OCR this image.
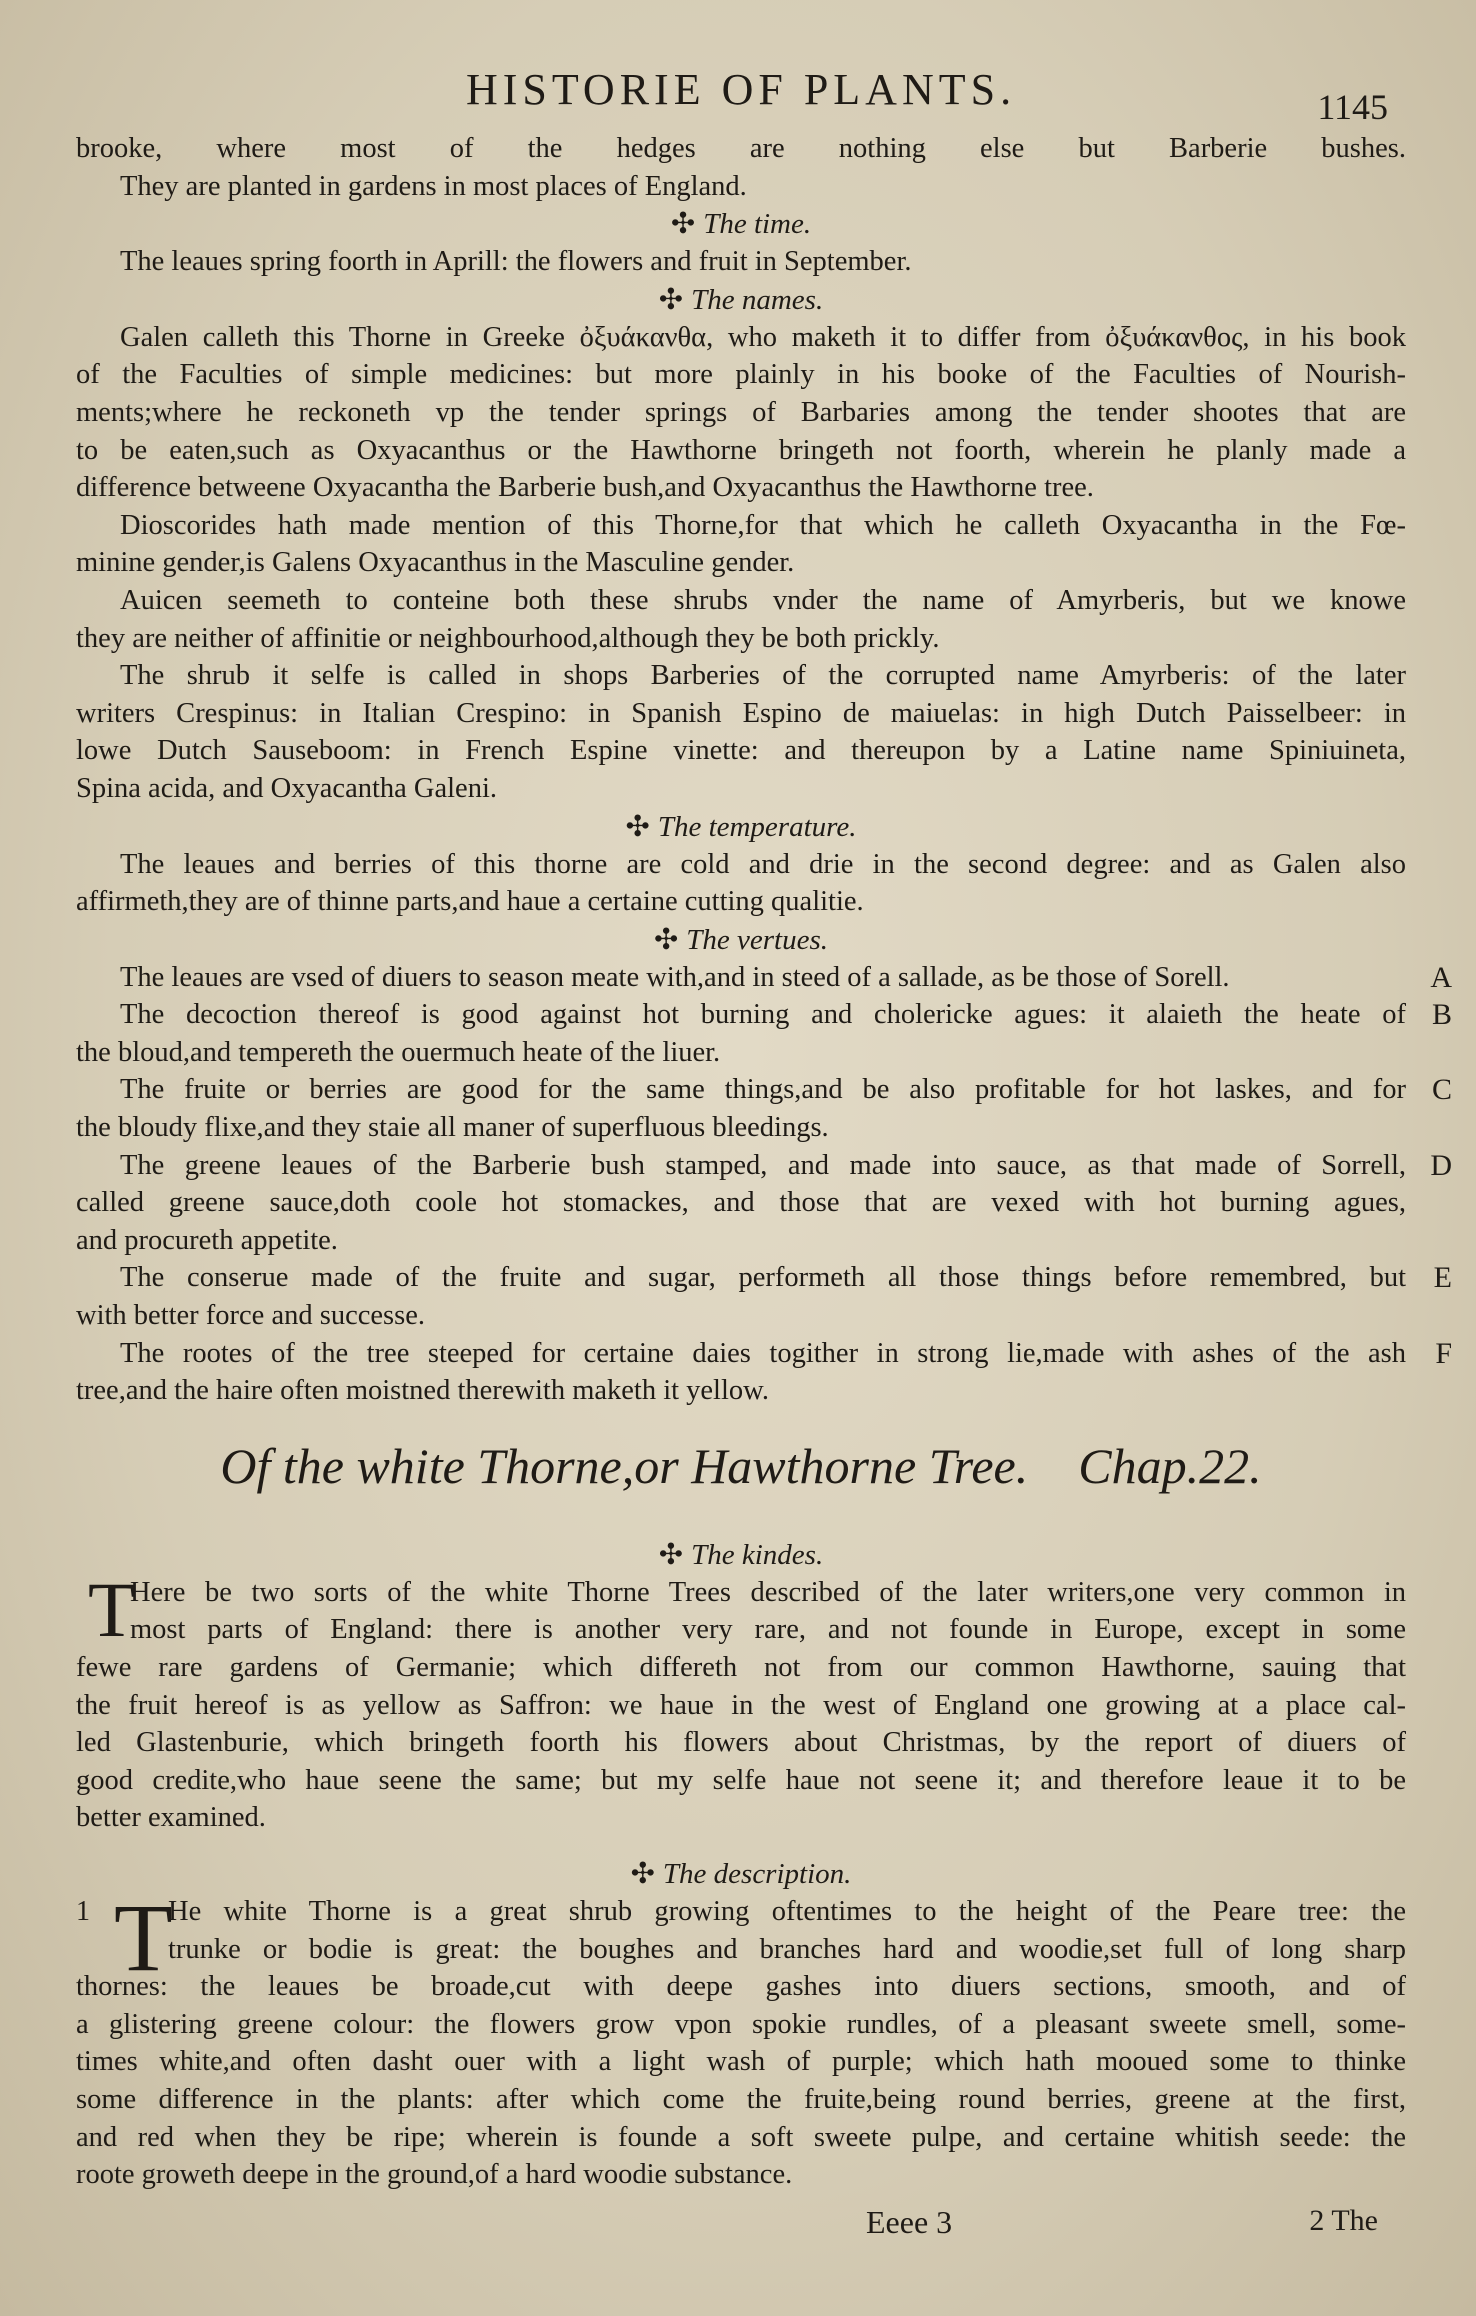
HISTORIE OF PLANTS.	1145
brooke, where most of the hedges are nothing else but Barberie bushes.
They are planted in gardens in most places of England.
✣ The time.
The leaues spring foorth in Aprill: the flowers and fruit in September.
✣ The names.
Galen calleth this Thorne in Greeke ὀξυάκανθα, who maketh it to differ from ὀξυάκανθος, in his book
of the Faculties of simple medicines: but more plainly in his booke of the Faculties of Nourish-
ments;where he reckoneth vp the tender springs of Barbaries among the tender shootes that are
to be eaten,such as Oxyacanthus or the Hawthorne bringeth not foorth, wherein he planly made a
difference betweene Oxyacantha the Barberie bush,and Oxyacanthus the Hawthorne tree.
Dioscorides hath made mention of this Thorne,for that which he calleth Oxyacantha in the Fœ-
minine gender,is Galens Oxyacanthus in the Masculine gender.
Auicen seemeth to conteine both these shrubs vnder the name of Amyrberis, but we knowe
they are neither of affinitie or neighbourhood,although they be both prickly.
The shrub it selfe is called in shops Barberies of the corrupted name Amyrberis: of the later
writers Crespinus: in Italian Crespino: in Spanish Espino de maiuelas: in high Dutch Paisselbeer: in
lowe Dutch Sauseboom: in French Espine vinette: and thereupon by a Latine name Spiniuineta,
Spina acida, and Oxyacantha Galeni.
✣ The temperature.
The leaues and berries of this thorne are cold and drie in the second degree: and as Galen also
affirmeth,they are of thinne parts,and haue a certaine cutting qualitie.
✣ The vertues.
A
The leaues are vsed of diuers to season meate with,and in steed of a sallade, as be those of Sorell.
B
The decoction thereof is good against hot burning and cholericke agues: it alaieth the heate of
the bloud,and tempereth the ouermuch heate of the liuer.
C
The fruite or berries are good for the same things,and be also profitable for hot laskes, and for
the bloudy flixe,and they staie all maner of superfluous bleedings.
D
The greene leaues of the Barberie bush stamped, and made into sauce, as that made of Sorrell,
called greene sauce,doth coole hot stomackes, and those that are vexed with hot burning agues,
and procureth appetite.
E
The conserue made of the fruite and sugar, performeth all those things before remembred, but
with better force and successe.
F
The rootes of the tree steeped for certaine daies togither in strong lie,made with ashes of the ash
tree,and the haire often moistned therewith maketh it yellow.
Of the white Thorne,or Hawthorne Tree. Chap.22.
✣ The kindes.
T
Here be two sorts of the white Thorne Trees described of the later writers,one very common in
most parts of England: there is another very rare, and not founde in Europe, except in some
fewe rare gardens of Germanie; which differeth not from our common Hawthorne, sauing that
the fruit hereof is as yellow as Saffron: we haue in the west of England one growing at a place cal-
led Glastenburie, which bringeth foorth his flowers about Christmas, by the report of diuers of
good credite,who haue seene the same; but my selfe haue not seene it; and therefore leaue it to be
better examined.
✣ The description.
1 T
He white Thorne is a great shrub growing oftentimes to the height of the Peare tree: the
trunke or bodie is great: the boughes and branches hard and woodie,set full of long sharp
thornes: the leaues be broade,cut with deepe gashes into diuers sections, smooth, and of
a glistering greene colour: the flowers grow vpon spokie rundles, of a pleasant sweete smell, some-
times white,and often dasht ouer with a light wash of purple; which hath mooued some to thinke
some difference in the plants: after which come the fruite,being round berries, greene at the first,
and red when they be ripe; wherein is founde a soft sweete pulpe, and certaine whitish seede: the
roote groweth deepe in the ground,of a hard woodie substance.
Eeee 3	2 The
